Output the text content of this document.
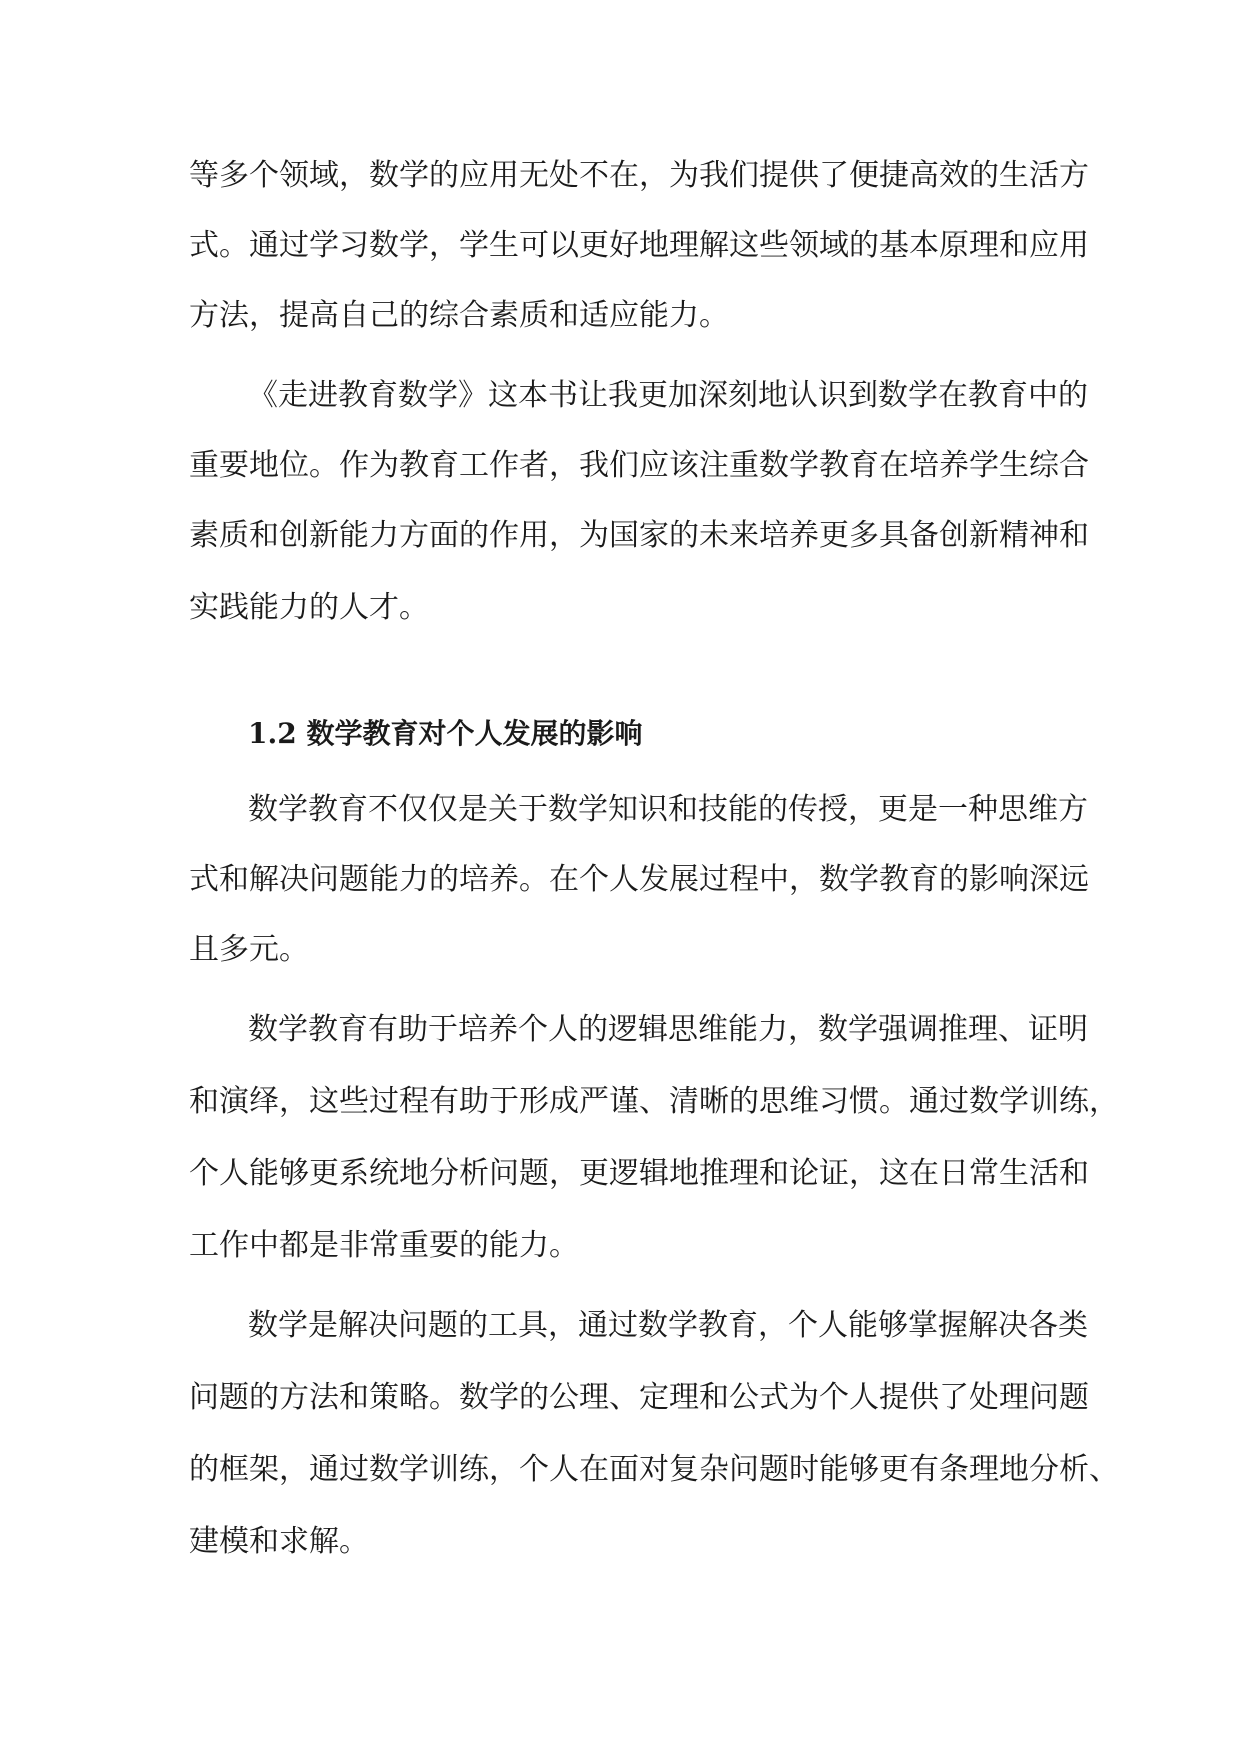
等多个领域，数学的应用无处不在，为我们提供了便捷高效的生活方
式。通过学习数学，学生可以更好地理解这些领域的基本原理和应用
方法，提高自己的综合素质和适应能力。
《走进教育数学》这本书让我更加深刻地认识到数学在教育中的
重要地位。作为教育工作者，我们应该注重数学教育在培养学生综合
素质和创新能力方面的作用，为国家的未来培养更多具备创新精神和
实践能力的人才。
1.2 数学教育对个人发展的影响
数学教育不仅仅是关于数学知识和技能的传授，更是一种思维方
式和解决问题能力的培养。在个人发展过程中，数学教育的影响深远
且多元。
数学教育有助于培养个人的逻辑思维能力，数学强调推理、证明
和演绎，这些过程有助于形成严谨、清晰的思维习惯。通过数学训练，
个人能够更系统地分析问题，更逻辑地推理和论证，这在日常生活和
工作中都是非常重要的能力。
数学是解决问题的工具，通过数学教育，个人能够掌握解决各类
问题的方法和策略。数学的公理、定理和公式为个人提供了处理问题
的框架，通过数学训练，个人在面对复杂问题时能够更有条理地分析、
建模和求解。
